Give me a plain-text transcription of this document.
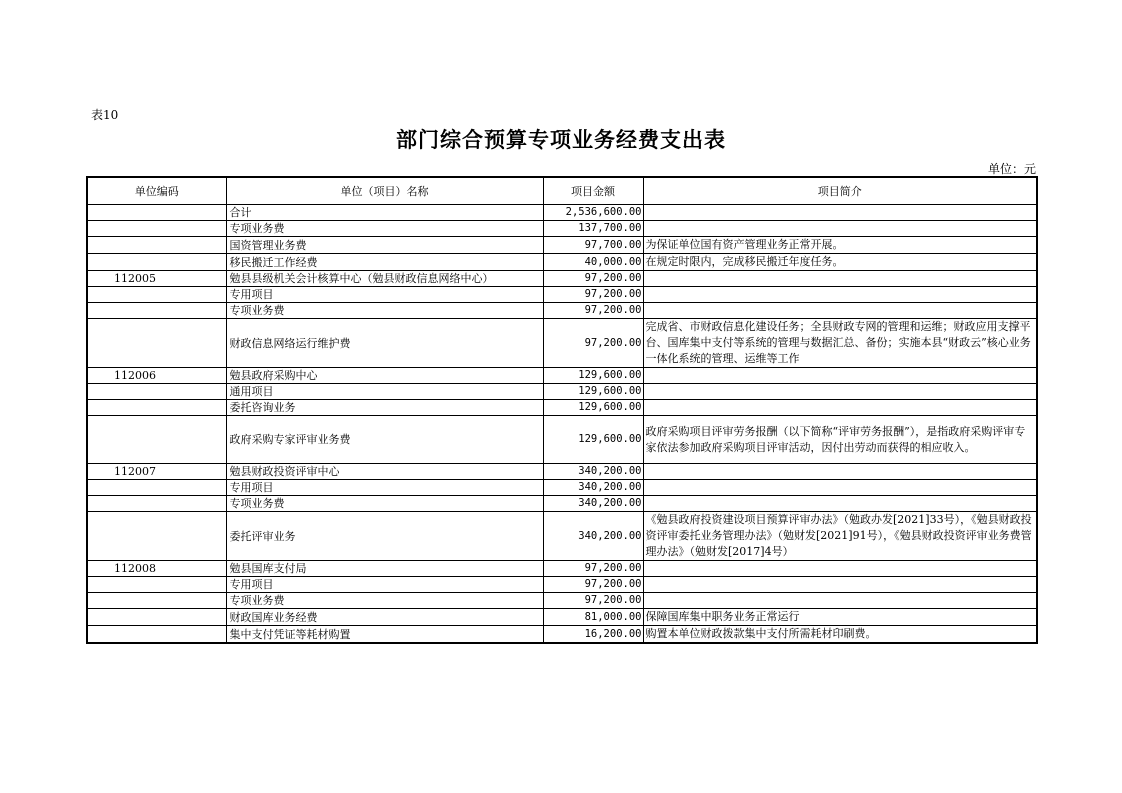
表10
部门综合预算专项业务经费支出表
单位：元
单位编码	单位（项目）名称	项目金额	项目简介
	合计	2,536,600.00	
	专项业务费	137,700.00	
	国资管理业务费	97,700.00	为保证单位国有资产管理业务正常开展。
	移民搬迁工作经费	40,000.00	在规定时限内，完成移民搬迁年度任务。
112005	勉县县级机关会计核算中心（勉县财政信息网络中心）	97,200.00	
	专用项目	97,200.00	
	专项业务费	97,200.00	
	财政信息网络运行维护费	97,200.00	完成省、市财政信息化建设任务；全县财政专网的管理和运维；财政应用支撑平台、国库集中支付等系统的管理与数据汇总、备份；实施本县“财政云”核心业务一体化系统的管理、运维等工作
112006	勉县政府采购中心	129,600.00	
	通用项目	129,600.00	
	委托咨询业务	129,600.00	
	政府采购专家评审业务费	129,600.00	政府采购项目评审劳务报酬（以下简称“评审劳务报酬”），是指政府采购评审专家依法参加政府采购项目评审活动，因付出劳动而获得的相应收入。
112007	勉县财政投资评审中心	340,200.00	
	专用项目	340,200.00	
	专项业务费	340,200.00	
	委托评审业务	340,200.00	《勉县政府投资建设项目预算评审办法》（勉政办发[2021]33号），《勉县财政投资评审委托业务管理办法》（勉财发[2021]91号），《勉县财政投资评审业务费管理办法》（勉财发[2017]4号）
112008	勉县国库支付局	97,200.00	
	专用项目	97,200.00	
	专项业务费	97,200.00	
	财政国库业务经费	81,000.00	保障国库集中职务业务正常运行
	集中支付凭证等耗材购置	16,200.00	购置本单位财政拨款集中支付所需耗材印刷费。
